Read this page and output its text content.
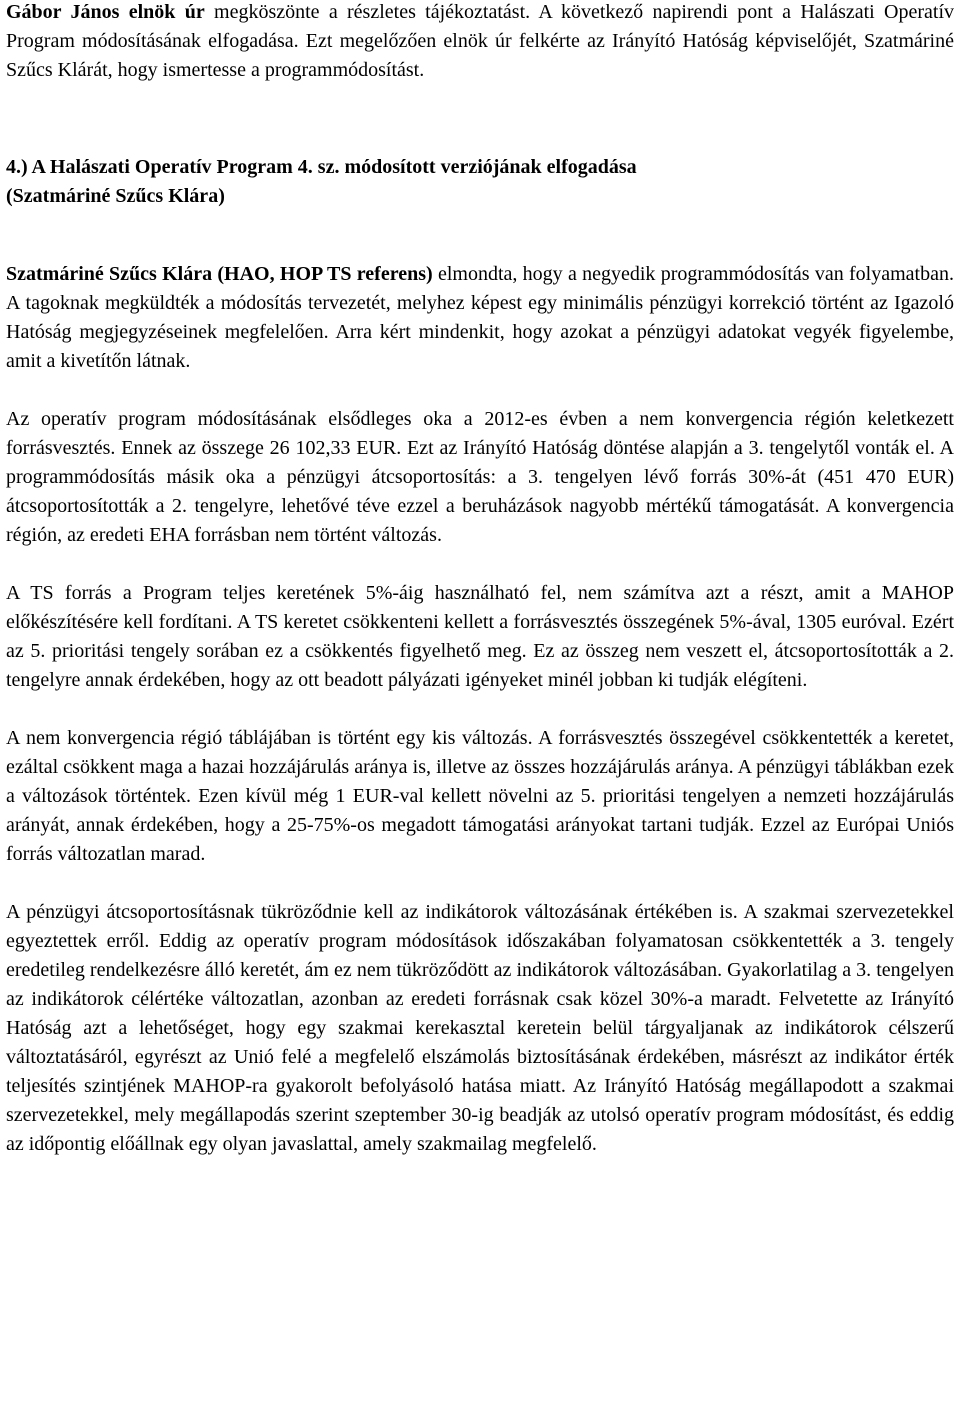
Gábor János elnök úr megköszönte a részletes tájékoztatást. A következő napirendi pont a Halászati Operatív Program módosításának elfogadása. Ezt megelőzően elnök úr felkérte az Irányító Hatóság képviselőjét, Szatmáriné Szűcs Klárát, hogy ismertesse a programmódosítást.

4.) A Halászati Operatív Program 4. sz. módosított verziójának elfogadása
(Szatmáriné Szűcs Klára)

Szatmáriné Szűcs Klára (HAO, HOP TS referens) elmondta, hogy a negyedik programmódosítás van folyamatban. A tagoknak megküldték a módosítás tervezetét, melyhez képest egy minimális pénzügyi korrekció történt az Igazoló Hatóság megjegyzéseinek megfelelően. Arra kért mindenkit, hogy azokat a pénzügyi adatokat vegyék figyelembe, amit a kivetítőn látnak.

Az operatív program módosításának elsődleges oka a 2012-es évben a nem konvergencia régión keletkezett forrásvesztés. Ennek az összege 26 102,33 EUR. Ezt az Irányító Hatóság döntése alapján a 3. tengelytől vonták el. A programmódosítás másik oka a pénzügyi átcsoportosítás: a 3. tengelyen lévő forrás 30%-át (451 470 EUR) átcsoportosították a 2. tengelyre, lehetővé téve ezzel a beruházások nagyobb mértékű támogatását. A konvergencia régión, az eredeti EHA forrásban nem történt változás.

A TS forrás a Program teljes keretének 5%-áig használható fel, nem számítva azt a részt, amit a MAHOP előkészítésére kell fordítani. A TS keretet csökkenteni kellett a forrásvesztés összegének 5%-ával, 1305 euróval. Ezért az 5. prioritási tengely sorában ez a csökkentés figyelhető meg. Ez az összeg nem veszett el, átcsoportosították a 2. tengelyre annak érdekében, hogy az ott beadott pályázati igényeket minél jobban ki tudják elégíteni.

A nem konvergencia régió táblájában is történt egy kis változás. A forrásvesztés összegével csökkentették a keretet, ezáltal csökkent maga a hazai hozzájárulás aránya is, illetve az összes hozzájárulás aránya. A pénzügyi táblákban ezek a változások történtek. Ezen kívül még 1 EUR-val kellett növelni az 5. prioritási tengelyen a nemzeti hozzájárulás arányát, annak érdekében, hogy a 25-75%-os megadott támogatási arányokat tartani tudják. Ezzel az Európai Uniós forrás változatlan marad.

A pénzügyi átcsoportosításnak tükröződnie kell az indikátorok változásának értékében is. A szakmai szervezetekkel egyeztettek erről. Eddig az operatív program módosítások időszakában folyamatosan csökkentették a 3. tengely eredetileg rendelkezésre álló keretét, ám ez nem tükröződött az indikátorok változásában. Gyakorlatilag a 3. tengelyen az indikátorok célértéke változatlan, azonban az eredeti forrásnak csak közel 30%-a maradt. Felvetette az Irányító Hatóság azt a lehetőséget, hogy egy szakmai kerekasztal keretein belül tárgyaljanak az indikátorok célszerű változtatásáról, egyrészt az Unió felé a megfelelő elszámolás biztosításának érdekében, másrészt az indikátor érték teljesítés szintjének MAHOP-ra gyakorolt befolyásoló hatása miatt. Az Irányító Hatóság megállapodott a szakmai szervezetekkel, mely megállapodás szerint szeptember 30-ig beadják az utolsó operatív program módosítást, és eddig az időpontig előállnak egy olyan javaslattal, amely szakmailag megfelelő.
